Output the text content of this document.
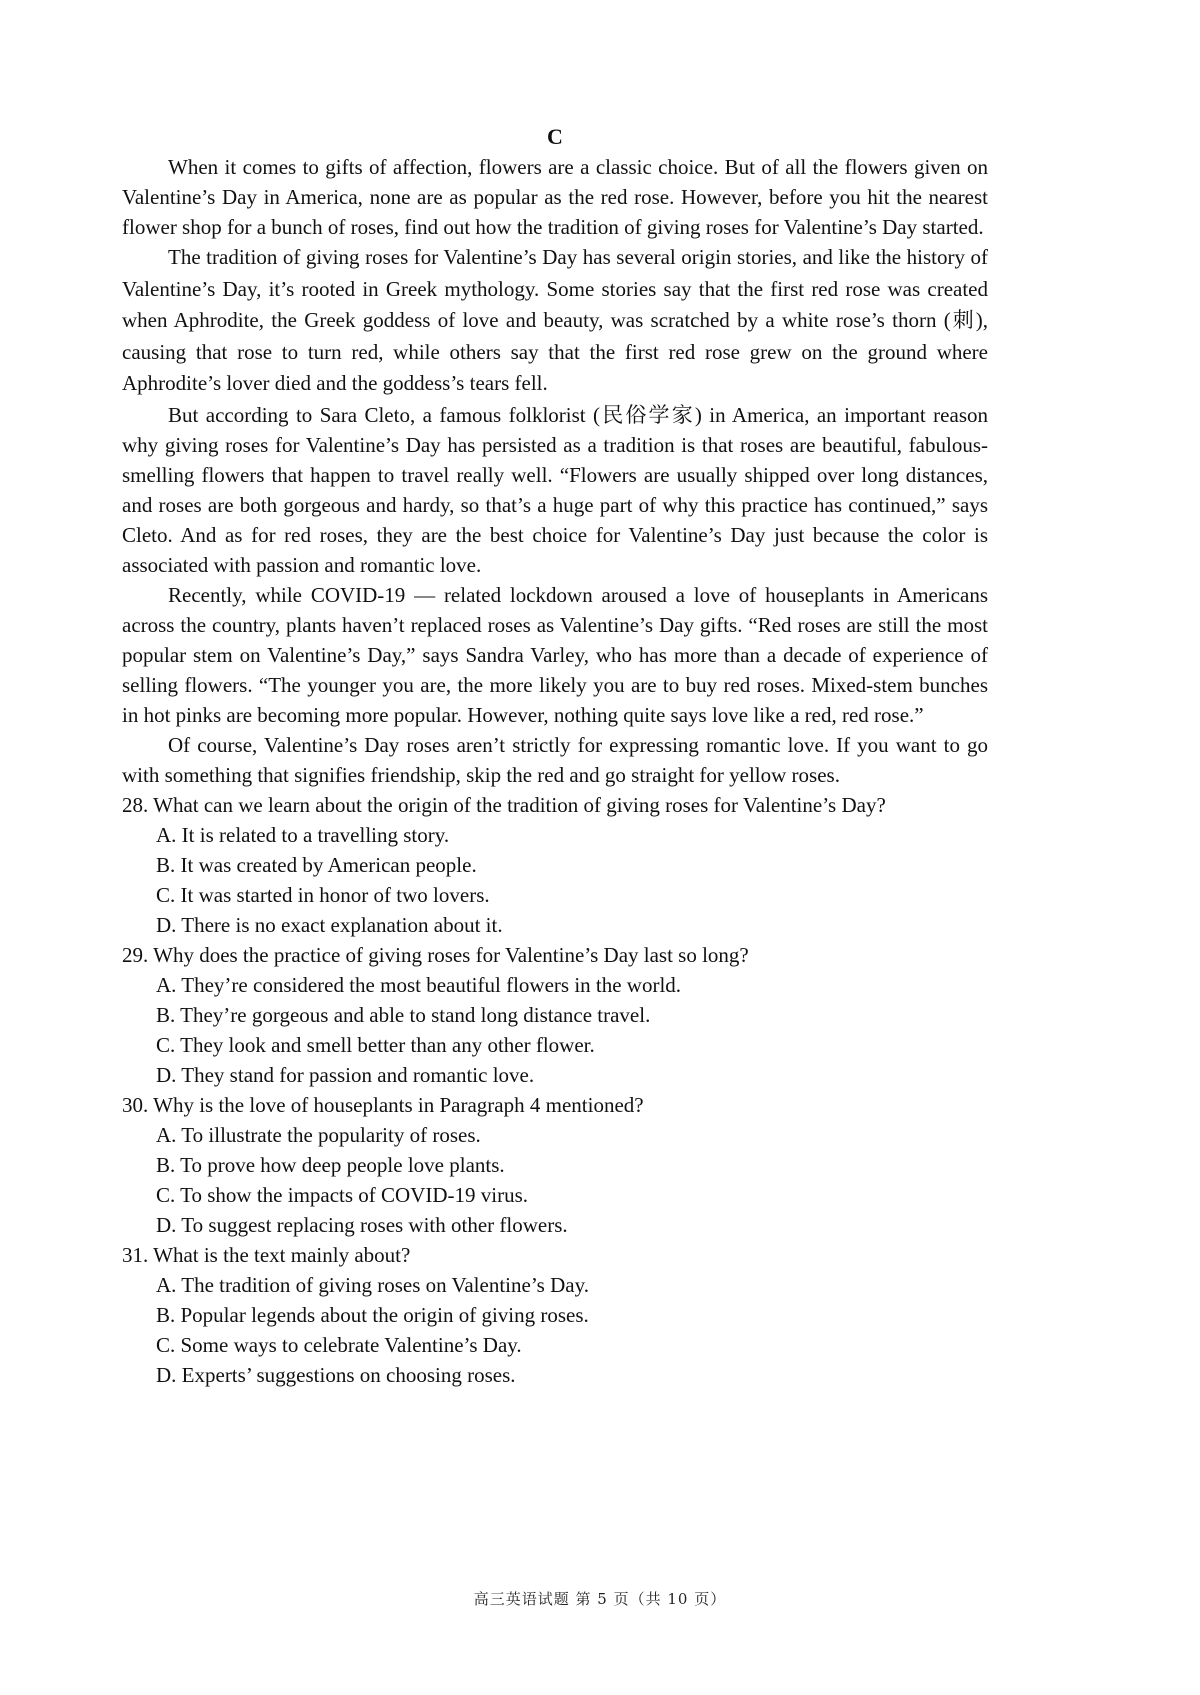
C

When it comes to gifts of affection, flowers are a classic choice. But of all the flowers given on Valentine’s Day in America, none are as popular as the red rose. However, before you hit the nearest flower shop for a bunch of roses, find out how the tradition of giving roses for Valentine’s Day started.

The tradition of giving roses for Valentine’s Day has several origin stories, and like the history of Valentine’s Day, it’s rooted in Greek mythology. Some stories say that the first red rose was created when Aphrodite, the Greek goddess of love and beauty, was scratched by a white rose’s thorn (刺), causing that rose to turn red, while others say that the first red rose grew on the ground where Aphrodite’s lover died and the goddess’s tears fell.

But according to Sara Cleto, a famous folklorist (民俗学家) in America, an important reason why giving roses for Valentine’s Day has persisted as a tradition is that roses are beautiful, fabulous-smelling flowers that happen to travel really well. “Flowers are usually shipped over long distances, and roses are both gorgeous and hardy, so that’s a huge part of why this practice has continued,” says Cleto. And as for red roses, they are the best choice for Valentine’s Day just because the color is associated with passion and romantic love.

Recently, while COVID-19 — related lockdown aroused a love of houseplants in Americans across the country, plants haven’t replaced roses as Valentine’s Day gifts. “Red roses are still the most popular stem on Valentine’s Day,” says Sandra Varley, who has more than a decade of experience of selling flowers. “The younger you are, the more likely you are to buy red roses. Mixed-stem bunches in hot pinks are becoming more popular. However, nothing quite says love like a red, red rose.”

Of course, Valentine’s Day roses aren’t strictly for expressing romantic love. If you want to go with something that signifies friendship, skip the red and go straight for yellow roses.

28. What can we learn about the origin of the tradition of giving roses for Valentine’s Day?

A. It is related to a travelling story.

B. It was created by American people.

C. It was started in honor of two lovers.

D. There is no exact explanation about it.

29. Why does the practice of giving roses for Valentine’s Day last so long?

A. They’re considered the most beautiful flowers in the world.

B. They’re gorgeous and able to stand long distance travel.

C. They look and smell better than any other flower.

D. They stand for passion and romantic love.

30. Why is the love of houseplants in Paragraph 4 mentioned?

A. To illustrate the popularity of roses.

B. To prove how deep people love plants.

C. To show the impacts of COVID-19 virus.

D. To suggest replacing roses with other flowers.

31. What is the text mainly about?

A. The tradition of giving roses on Valentine’s Day.

B. Popular legends about the origin of giving roses.

C. Some ways to celebrate Valentine’s Day.

D. Experts’ suggestions on choosing roses.

高三英语试题 第 5 页（共 10 页）
